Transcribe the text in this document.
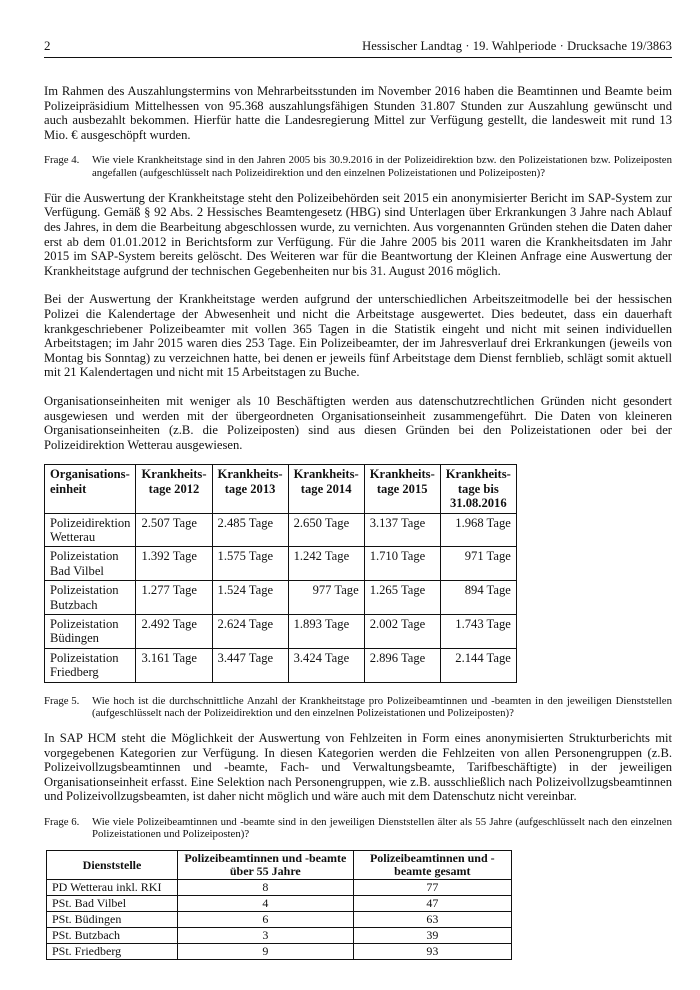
2	Hessischer Landtag · 19. Wahlperiode · Drucksache 19/3863

Im Rahmen des Auszahlungstermins von Mehrarbeitsstunden im November 2016 haben die Beamtinnen und Beamte beim Polizeipräsidium Mittelhessen von 95.368 auszahlungsfähigen Stunden 31.807 Stunden zur Auszahlung gewünscht und auch ausbezahlt bekommen. Hierfür hatte die Landesregierung Mittel zur Verfügung gestellt, die landesweit mit rund 13 Mio. € ausgeschöpft wurden.

Frage 4.	Wie viele Krankheitstage sind in den Jahren 2005 bis 30.9.2016 in der Polizeidirektion bzw. den Polizeistationen bzw. Polizeiposten angefallen (aufgeschlüsselt nach Polizeidirektion und den einzelnen Polizeistationen und Polizeiposten)?

Für die Auswertung der Krankheitstage steht den Polizeibehörden seit 2015 ein anonymisierter Bericht im SAP-System zur Verfügung. Gemäß § 92 Abs. 2 Hessisches Beamtengesetz (HBG) sind Unterlagen über Erkrankungen 3 Jahre nach Ablauf des Jahres, in dem die Bearbeitung abgeschlossen wurde, zu vernichten. Aus vorgenannten Gründen stehen die Daten daher erst ab dem 01.01.2012 in Berichtsform zur Verfügung. Für die Jahre 2005 bis 2011 waren die Krankheitsdaten im Jahr 2015 im SAP-System bereits gelöscht. Des Weiteren war für die Beantwortung der Kleinen Anfrage eine Auswertung der Krankheitstage aufgrund der technischen Gegebenheiten nur bis 31. August 2016 möglich.

Bei der Auswertung der Krankheitstage werden aufgrund der unterschiedlichen Arbeitszeitmodelle bei der hessischen Polizei die Kalendertage der Abwesenheit und nicht die Arbeitstage ausgewertet. Dies bedeutet, dass ein dauerhaft krankgeschriebener Polizeibeamter mit vollen 365 Tagen in die Statistik eingeht und nicht mit seinen individuellen Arbeitstagen; im Jahr 2015 waren dies 253 Tage. Ein Polizeibeamter, der im Jahresverlauf drei Erkrankungen (jeweils von Montag bis Sonntag) zu verzeichnen hatte, bei denen er jeweils fünf Arbeitstage dem Dienst fernblieb, schlägt somit aktuell mit 21 Kalendertagen und nicht mit 15 Arbeitstagen zu Buche.

Organisationseinheiten mit weniger als 10 Beschäftigten werden aus datenschutzrechtlichen Gründen nicht gesondert ausgewiesen und werden mit der übergeordneten Organisationseinheit zusammengeführt. Die Daten von kleineren Organisationseinheiten (z.B. die Polizeiposten) sind aus diesen Gründen bei den Polizeistationen oder bei der Polizeidirektion Wetterau ausgewiesen.

Organisations-einheit	Krankheits-tage 2012	Krankheits-tage 2013	Krankheits-tage 2014	Krankheits-tage 2015	Krankheits-tage bis 31.08.2016
Polizeidirektion Wetterau	2.507 Tage	2.485 Tage	2.650 Tage	3.137 Tage	1.968 Tage
Polizeistation Bad Vilbel	1.392 Tage	1.575 Tage	1.242 Tage	1.710 Tage	971 Tage
Polizeistation Butzbach	1.277 Tage	1.524 Tage	977 Tage	1.265 Tage	894 Tage
Polizeistation Büdingen	2.492 Tage	2.624 Tage	1.893 Tage	2.002 Tage	1.743 Tage
Polizeistation Friedberg	3.161 Tage	3.447 Tage	3.424 Tage	2.896 Tage	2.144 Tage
Frage 5.	Wie hoch ist die durchschnittliche Anzahl der Krankheitstage pro Polizeibeamtinnen und -beamten in den jeweiligen Dienststellen (aufgeschlüsselt nach der Polizeidirektion und den einzelnen Polizeistationen und Polizeiposten)?

In SAP HCM steht die Möglichkeit der Auswertung von Fehlzeiten in Form eines anonymisierten Strukturberichts mit vorgegebenen Kategorien zur Verfügung. In diesen Kategorien werden die Fehlzeiten von allen Personengruppen (z.B. Polizeivollzugsbeamtinnen und -beamte, Fach- und Verwaltungsbeamte, Tarifbeschäftigte) in der jeweiligen Organisationseinheit erfasst. Eine Selektion nach Personengruppen, wie z.B. ausschließlich nach Polizeivollzugsbeamtinnen und Polizeivollzugsbeamten, ist daher nicht möglich und wäre auch mit dem Datenschutz nicht vereinbar.

Frage 6.	Wie viele Polizeibeamtinnen und -beamte sind in den jeweiligen Dienststellen älter als 55 Jahre (aufgeschlüsselt nach den einzelnen Polizeistationen und Polizeiposten)?
Dienststelle	Polizeibeamtinnen und -beamte über 55 Jahre	Polizeibeamtinnen und -beamte gesamt
PD Wetterau inkl. RKI	8	77
PSt. Bad Vilbel	4	47
PSt. Büdingen	6	63
PSt. Butzbach	3	39
PSt. Friedberg	9	93
